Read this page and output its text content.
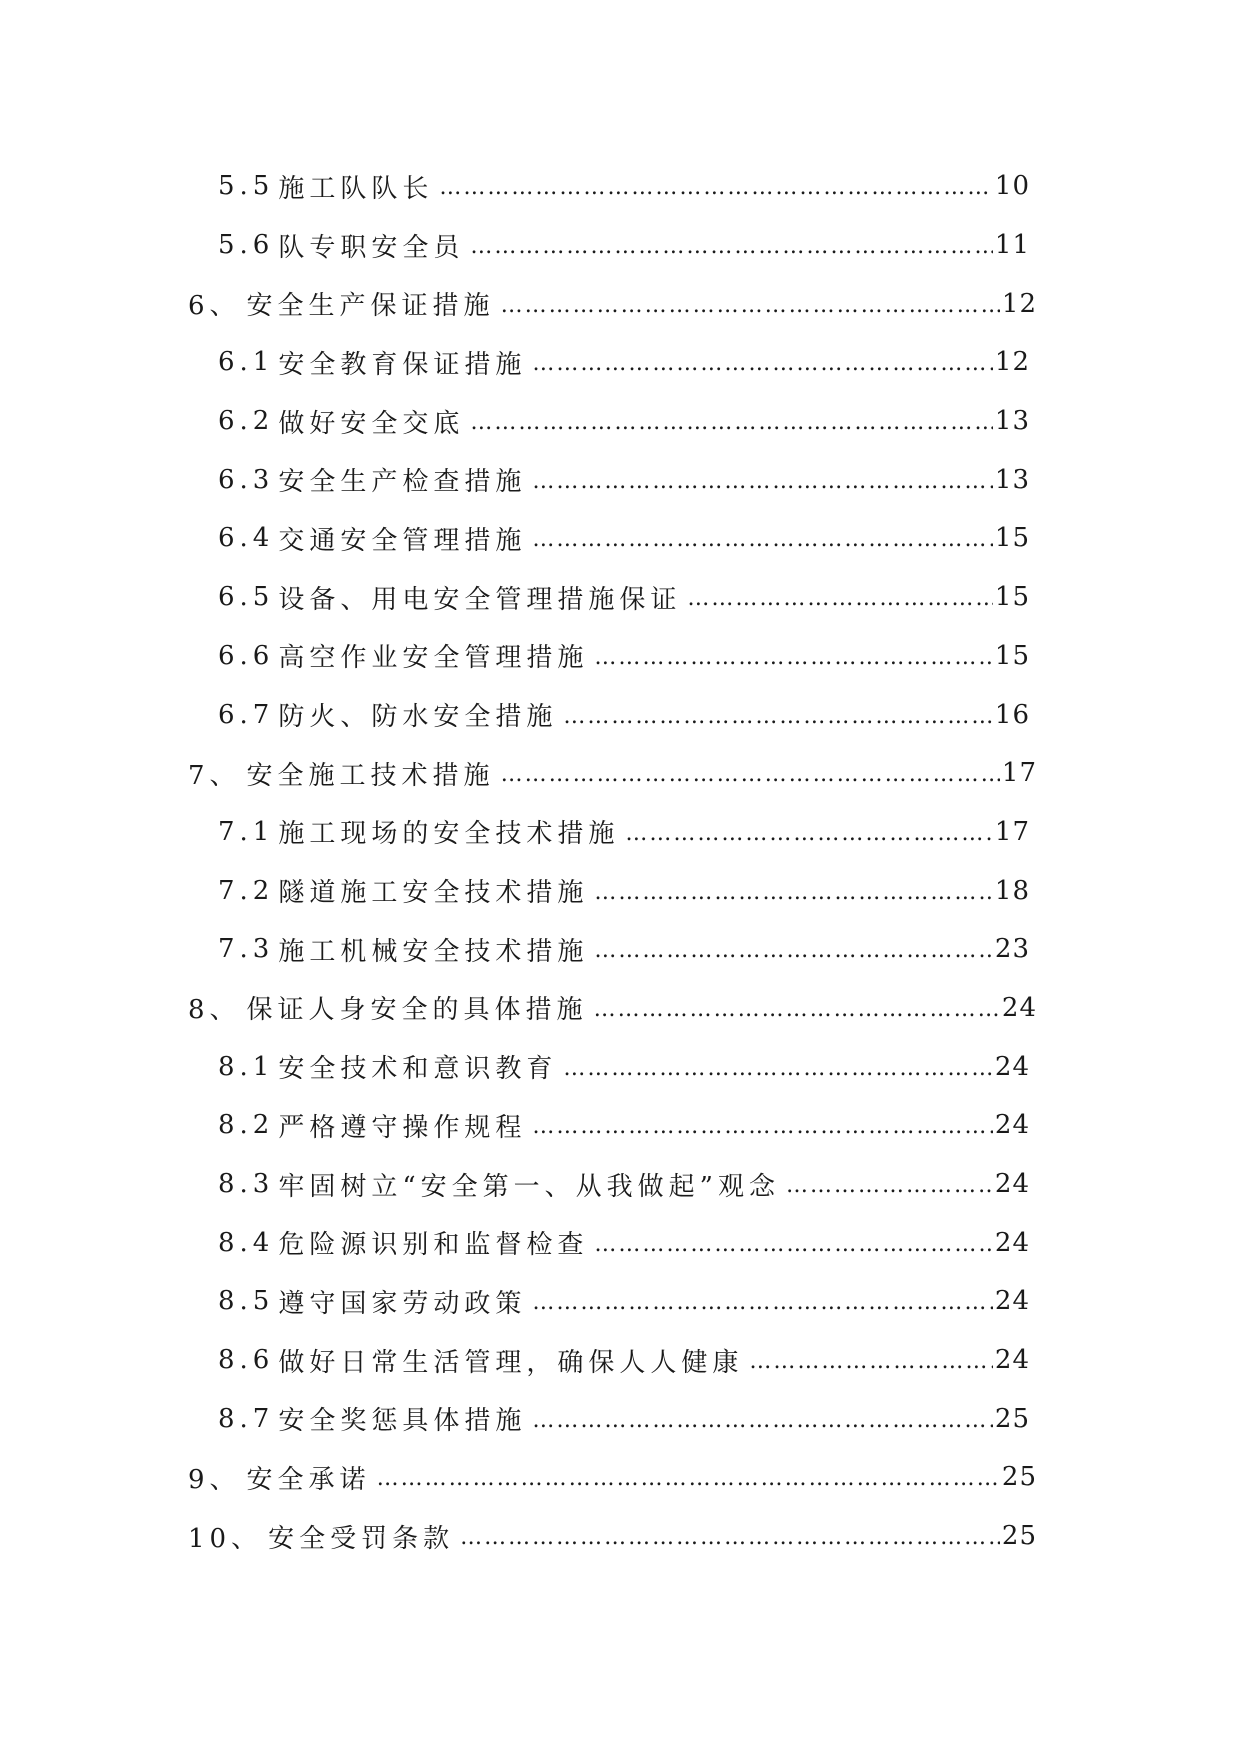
5.5 施工队队长 …………………………………………………………………………………………………………………………………………………	10
5.6 队专职安全员 …………………………………………………………………………………………………………………………………………………	11
6、 安全生产保证措施 …………………………………………………………………………………………………………………………………………………	12
6.1 安全教育保证措施 …………………………………………………………………………………………………………………………………………………	12
6.2 做好安全交底 …………………………………………………………………………………………………………………………………………………	13
6.3 安全生产检查措施 …………………………………………………………………………………………………………………………………………………	13
6.4 交通安全管理措施 …………………………………………………………………………………………………………………………………………………	15
6.5 设备、用电安全管理措施保证 …………………………………………………………………………………………………………………………………………………	15
6.6 高空作业安全管理措施 …………………………………………………………………………………………………………………………………………………	15
6.7 防火、防水安全措施 …………………………………………………………………………………………………………………………………………………	16
7、 安全施工技术措施 …………………………………………………………………………………………………………………………………………………	17
7.1 施工现场的安全技术措施 …………………………………………………………………………………………………………………………………………………	17
7.2 隧道施工安全技术措施 …………………………………………………………………………………………………………………………………………………	18
7.3 施工机械安全技术措施 …………………………………………………………………………………………………………………………………………………	23
8、 保证人身安全的具体措施 …………………………………………………………………………………………………………………………………………………	24
8.1 安全技术和意识教育 …………………………………………………………………………………………………………………………………………………	24
8.2 严格遵守操作规程 …………………………………………………………………………………………………………………………………………………	24
8.3 牢固树立“安全第一、从我做起”观念 …………………………………………………………………………………………………………………………………………………	24
8.4 危险源识别和监督检查 …………………………………………………………………………………………………………………………………………………	24
8.5 遵守国家劳动政策 …………………………………………………………………………………………………………………………………………………	24
8.6 做好日常生活管理，确保人人健康 …………………………………………………………………………………………………………………………………………………	24
8.7 安全奖惩具体措施 …………………………………………………………………………………………………………………………………………………	25
9、 安全承诺 …………………………………………………………………………………………………………………………………………………	25
10、 安全受罚条款 …………………………………………………………………………………………………………………………………………………	25
